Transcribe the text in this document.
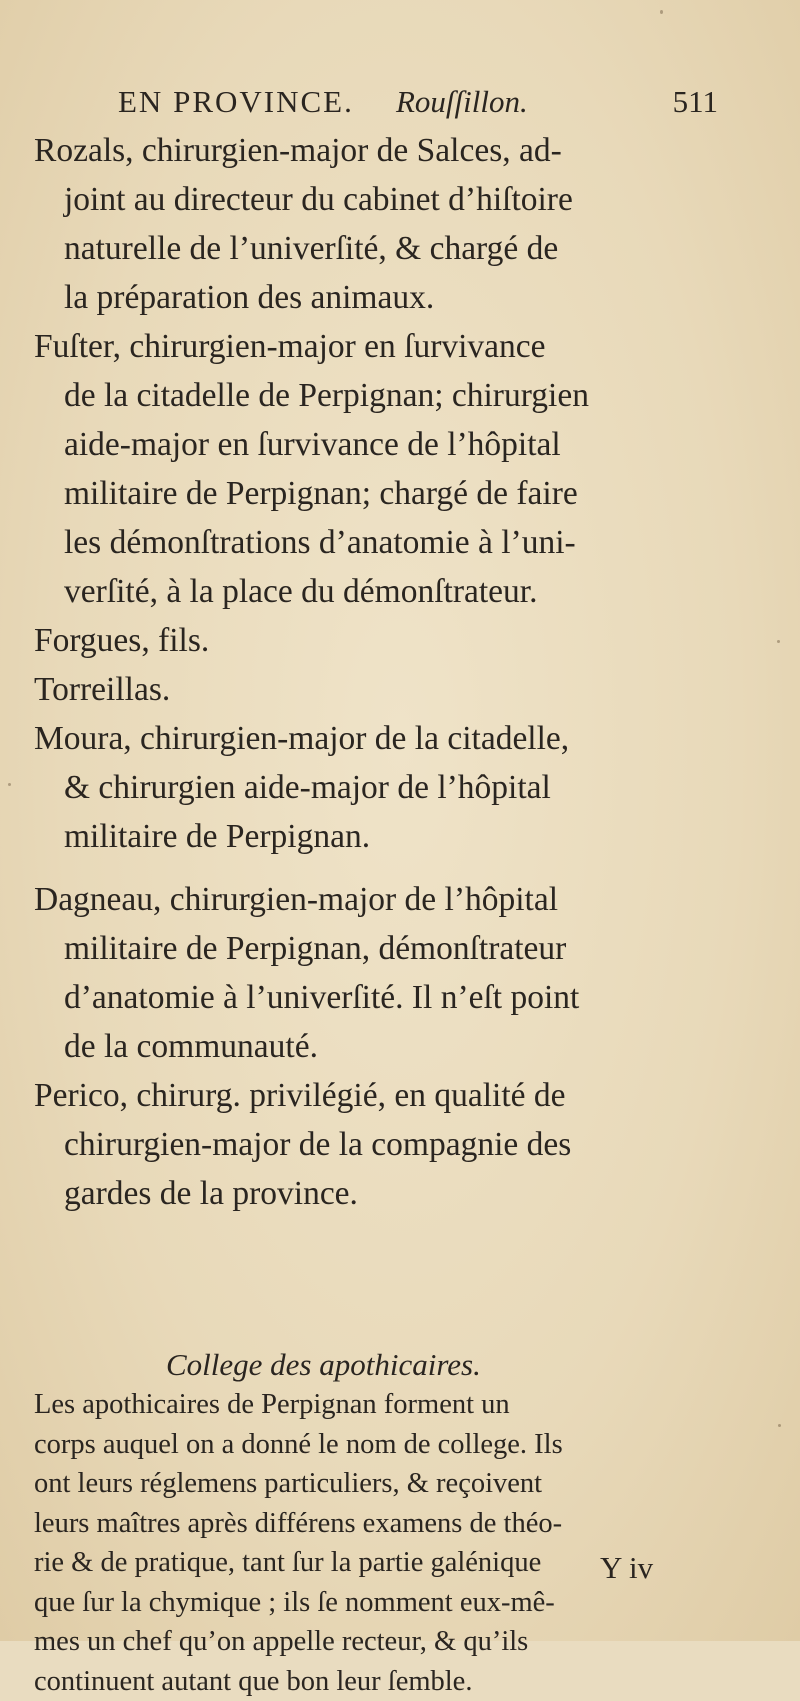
EN PROVINCE. Rouſſillon.	511
Rozals, chirurgien-major de Salces, ad-
joint au directeur du cabinet d’hiſtoire
naturelle de l’univerſité, & chargé de
la préparation des animaux.
Fuſter, chirurgien-major en ſurvivance
de la citadelle de Perpignan; chirurgien
aide-major en ſurvivance de l’hôpital
militaire de Perpignan; chargé de faire
les démonſtrations d’anatomie à l’uni-
verſité, à la place du démonſtrateur.
Forgues, fils.
Torreillas.
Moura, chirurgien-major de la citadelle,
& chirurgien aide-major de l’hôpital
militaire de Perpignan.
Dagneau, chirurgien-major de l’hôpital
militaire de Perpignan, démonſtrateur
d’anatomie à l’univerſité. Il n’eſt point
de la communauté.
Perico, chirurg. privilégié, en qualité de
chirurgien-major de la compagnie des
gardes de la province.
College des apothicaires.
Les apothicaires de Perpignan forment un
corps auquel on a donné le nom de college. Ils
ont leurs réglemens particuliers, & reçoivent
leurs maîtres après différens examens de théo-
rie & de pratique, tant ſur la partie galénique
que ſur la chymique ; ils ſe nomment eux-mê-
mes un chef qu’on appelle recteur, & qu’ils
continuent autant que bon leur ſemble.
Y iv
